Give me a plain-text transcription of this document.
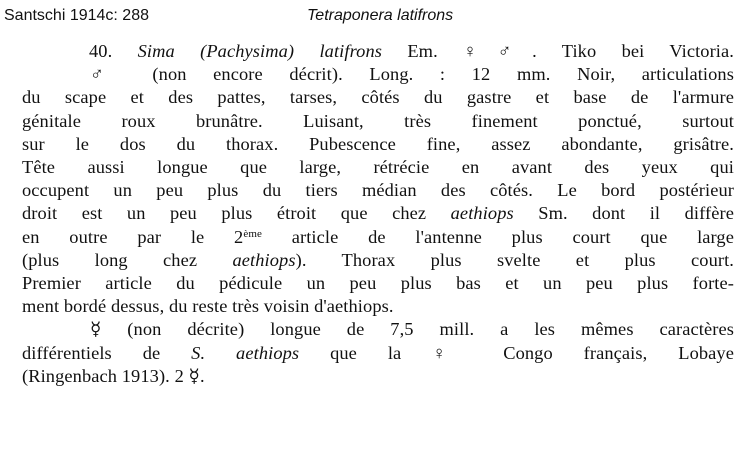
Santschi 1914c: 288	Tetraponera latifrons
40. Sima (Pachysima) latifrons Em. ♀♂. Tiko bei Victoria.
♂ (non encore décrit). Long. : 12 mm. Noir, articulations
du scape et des pattes, tarses, côtés du gastre et base de l'armure
génitale roux brunâtre. Luisant, très finement ponctué, surtout
sur le dos du thorax. Pubescence fine, assez abondante, grisâtre.
Tête aussi longue que large, rétrécie en avant des yeux qui
occupent un peu plus du tiers médian des côtés. Le bord postérieur
droit est un peu plus étroit que chez aethiops Sm. dont il diffère
en outre par le 2ème article de l'antenne plus court que large
(plus long chez aethiops). Thorax plus svelte et plus court.
Premier article du pédicule un peu plus bas et un peu plus forte-
ment bordé dessus, du reste très voisin d'aethiops.
☿ (non décrite) longue de 7,5 mill. a les mêmes caractères
différentiels de S. aethiops que la ♀ Congo français, Lobaye
(Ringenbach 1913). 2 ☿.
